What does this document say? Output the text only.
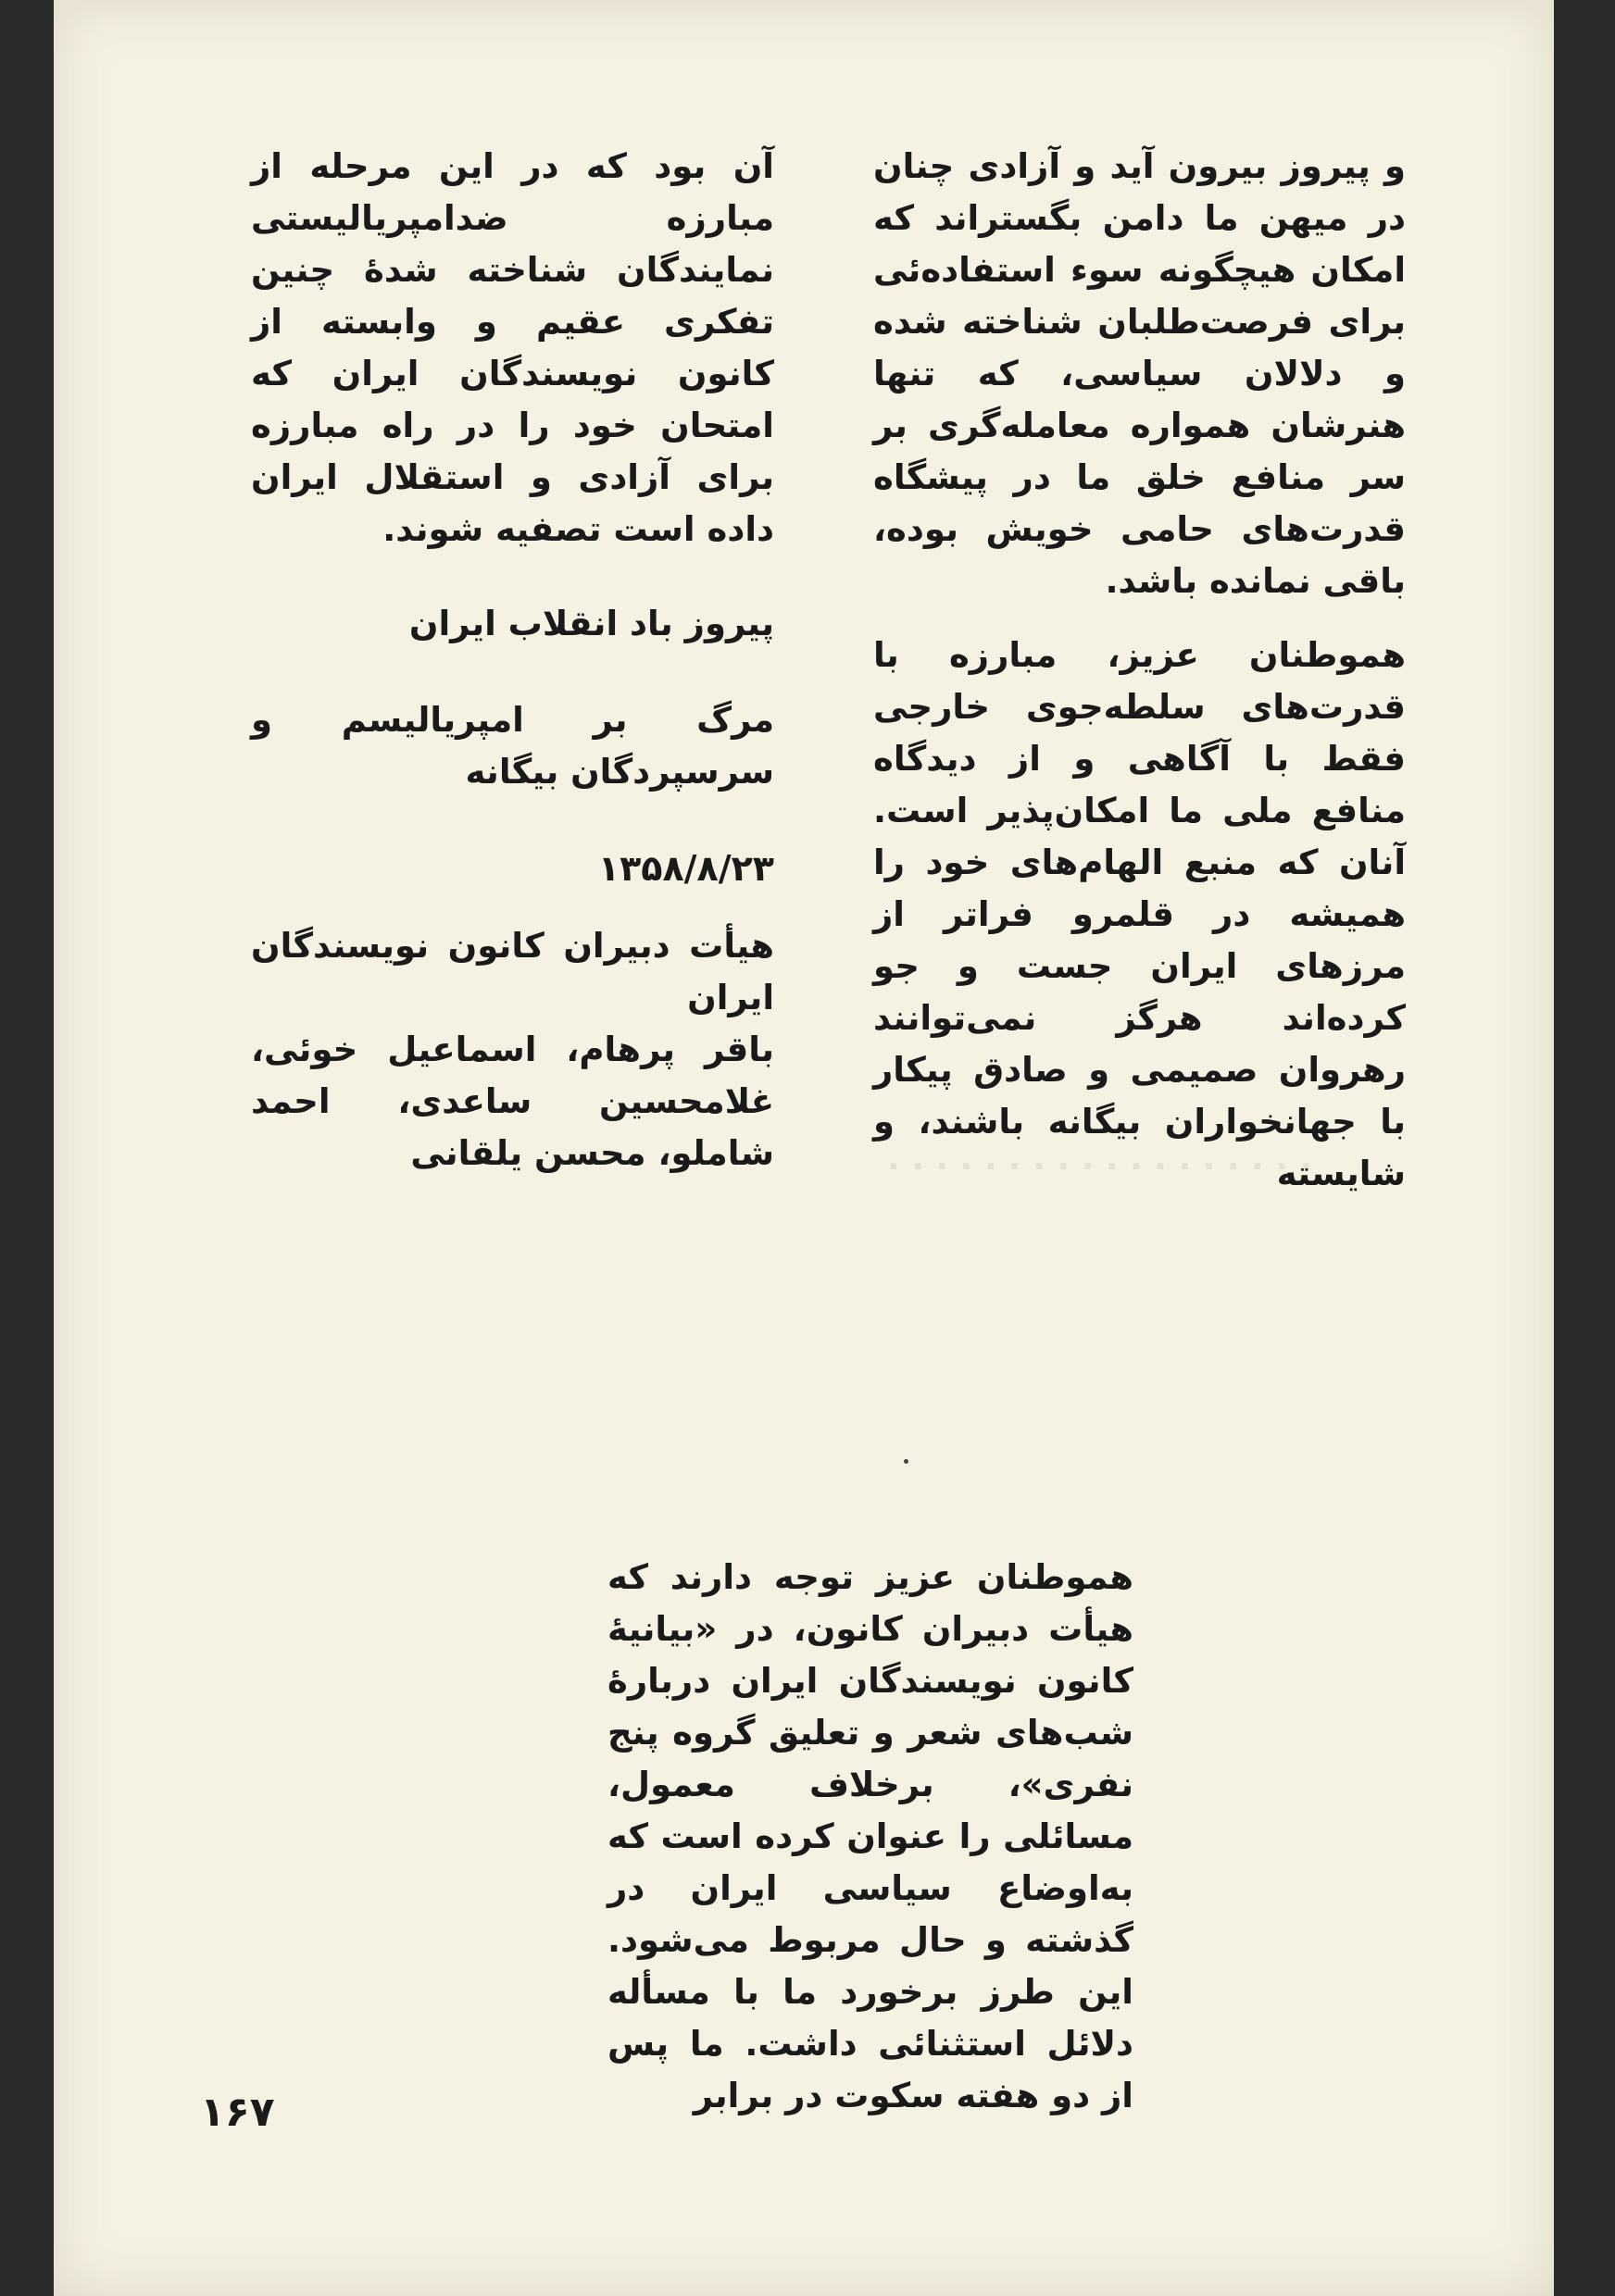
· · · · · · · · · · · · · · · · · ·

و پیروز بیرون آید و آزادی چنان در میهن ما دامن بگستراند که امکان هیچگونه سوء استفاده‌ئی برای فرصت‌طلبان شناخته شده و دلالان سیاسی، که تنها هنرشان همواره معامله‌گری بر سر منافع خلق ما در پیشگاه قدرت‌های حامی خویش بوده، باقی نمانده باشد.

هموطنان عزیز، مبارزه با قدرت‌های سلطه‌جوی خارجی فقط با آگاهی و از دیدگاه منافع ملی ما امکان‌پذیر است. آنان که منبع الهام‌های خود را همیشه در قلمرو فراتر از مرزهای ایران جست و جو کرده‌اند هرگز نمی‌توانند رهروان صمیمی و صادق پیکار با جهانخواران بیگانه باشند، و شایسته

آن بود که در این مرحله از مبارزه ضدامپریالیستی نمایندگان شناخته شدهٔ چنین تفکری عقیم و وابسته از کانون نویسندگان ایران که امتحان خود را در راه مبارزه برای آزادی و استقلال ایران داده است تصفیه شوند.

پیروز باد انقلاب ایران

مرگ بر امپریالیسم و سرسپردگان بیگانه

۱۳۵۸/۸/۲۳

هیأت دبیران کانون نویسندگان ایران

باقر پرهام، اسماعیل خوئی، غلامحسین ساعدی، احمد شاملو، محسن یلقانی

هموطنان عزیز توجه دارند که هیأت دبیران کانون، در «بیانیهٔ کانون نویسندگان ایران دربارهٔ شب‌های شعر و تعلیق گروه پنج نفری»، برخلاف معمول، مسائلی را عنوان کرده است که به‌اوضاع سیاسی ایران در گذشته و حال مربوط می‌شود. این طرز برخورد ما با مسأله دلائل استثنائی داشت. ما پس از دو هفته سکوت در برابر

۱۶۷
